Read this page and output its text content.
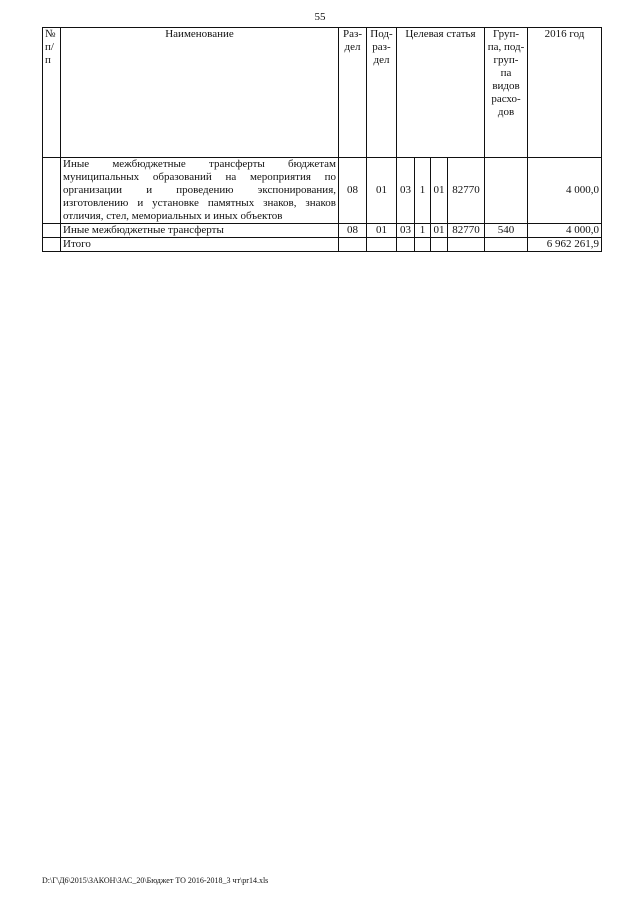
55
№ п/ п	Наименование	Раз- дел	Под- раз- дел	Целевая статья				Груп- па, под- груп- па видов расхо- дов	2016 год
	Иные межбюджетные трансферты бюджетам муниципальных образований на мероприятия по организации и проведению экспонирования, изготовлению и установке памятных знаков, знаков отличия, стел, мемориальных и иных объектов	08	01	03	1	01	82770		4 000,0
	Иные межбюджетные трансферты	08	01	03	1	01	82770	540	4 000,0
	Итого								6 962 261,9
D:\Г\Д6\2015\ЗАКОН\ЗАС_20\Бюджет ТО 2016-2018_3 чт\pr14.xls
